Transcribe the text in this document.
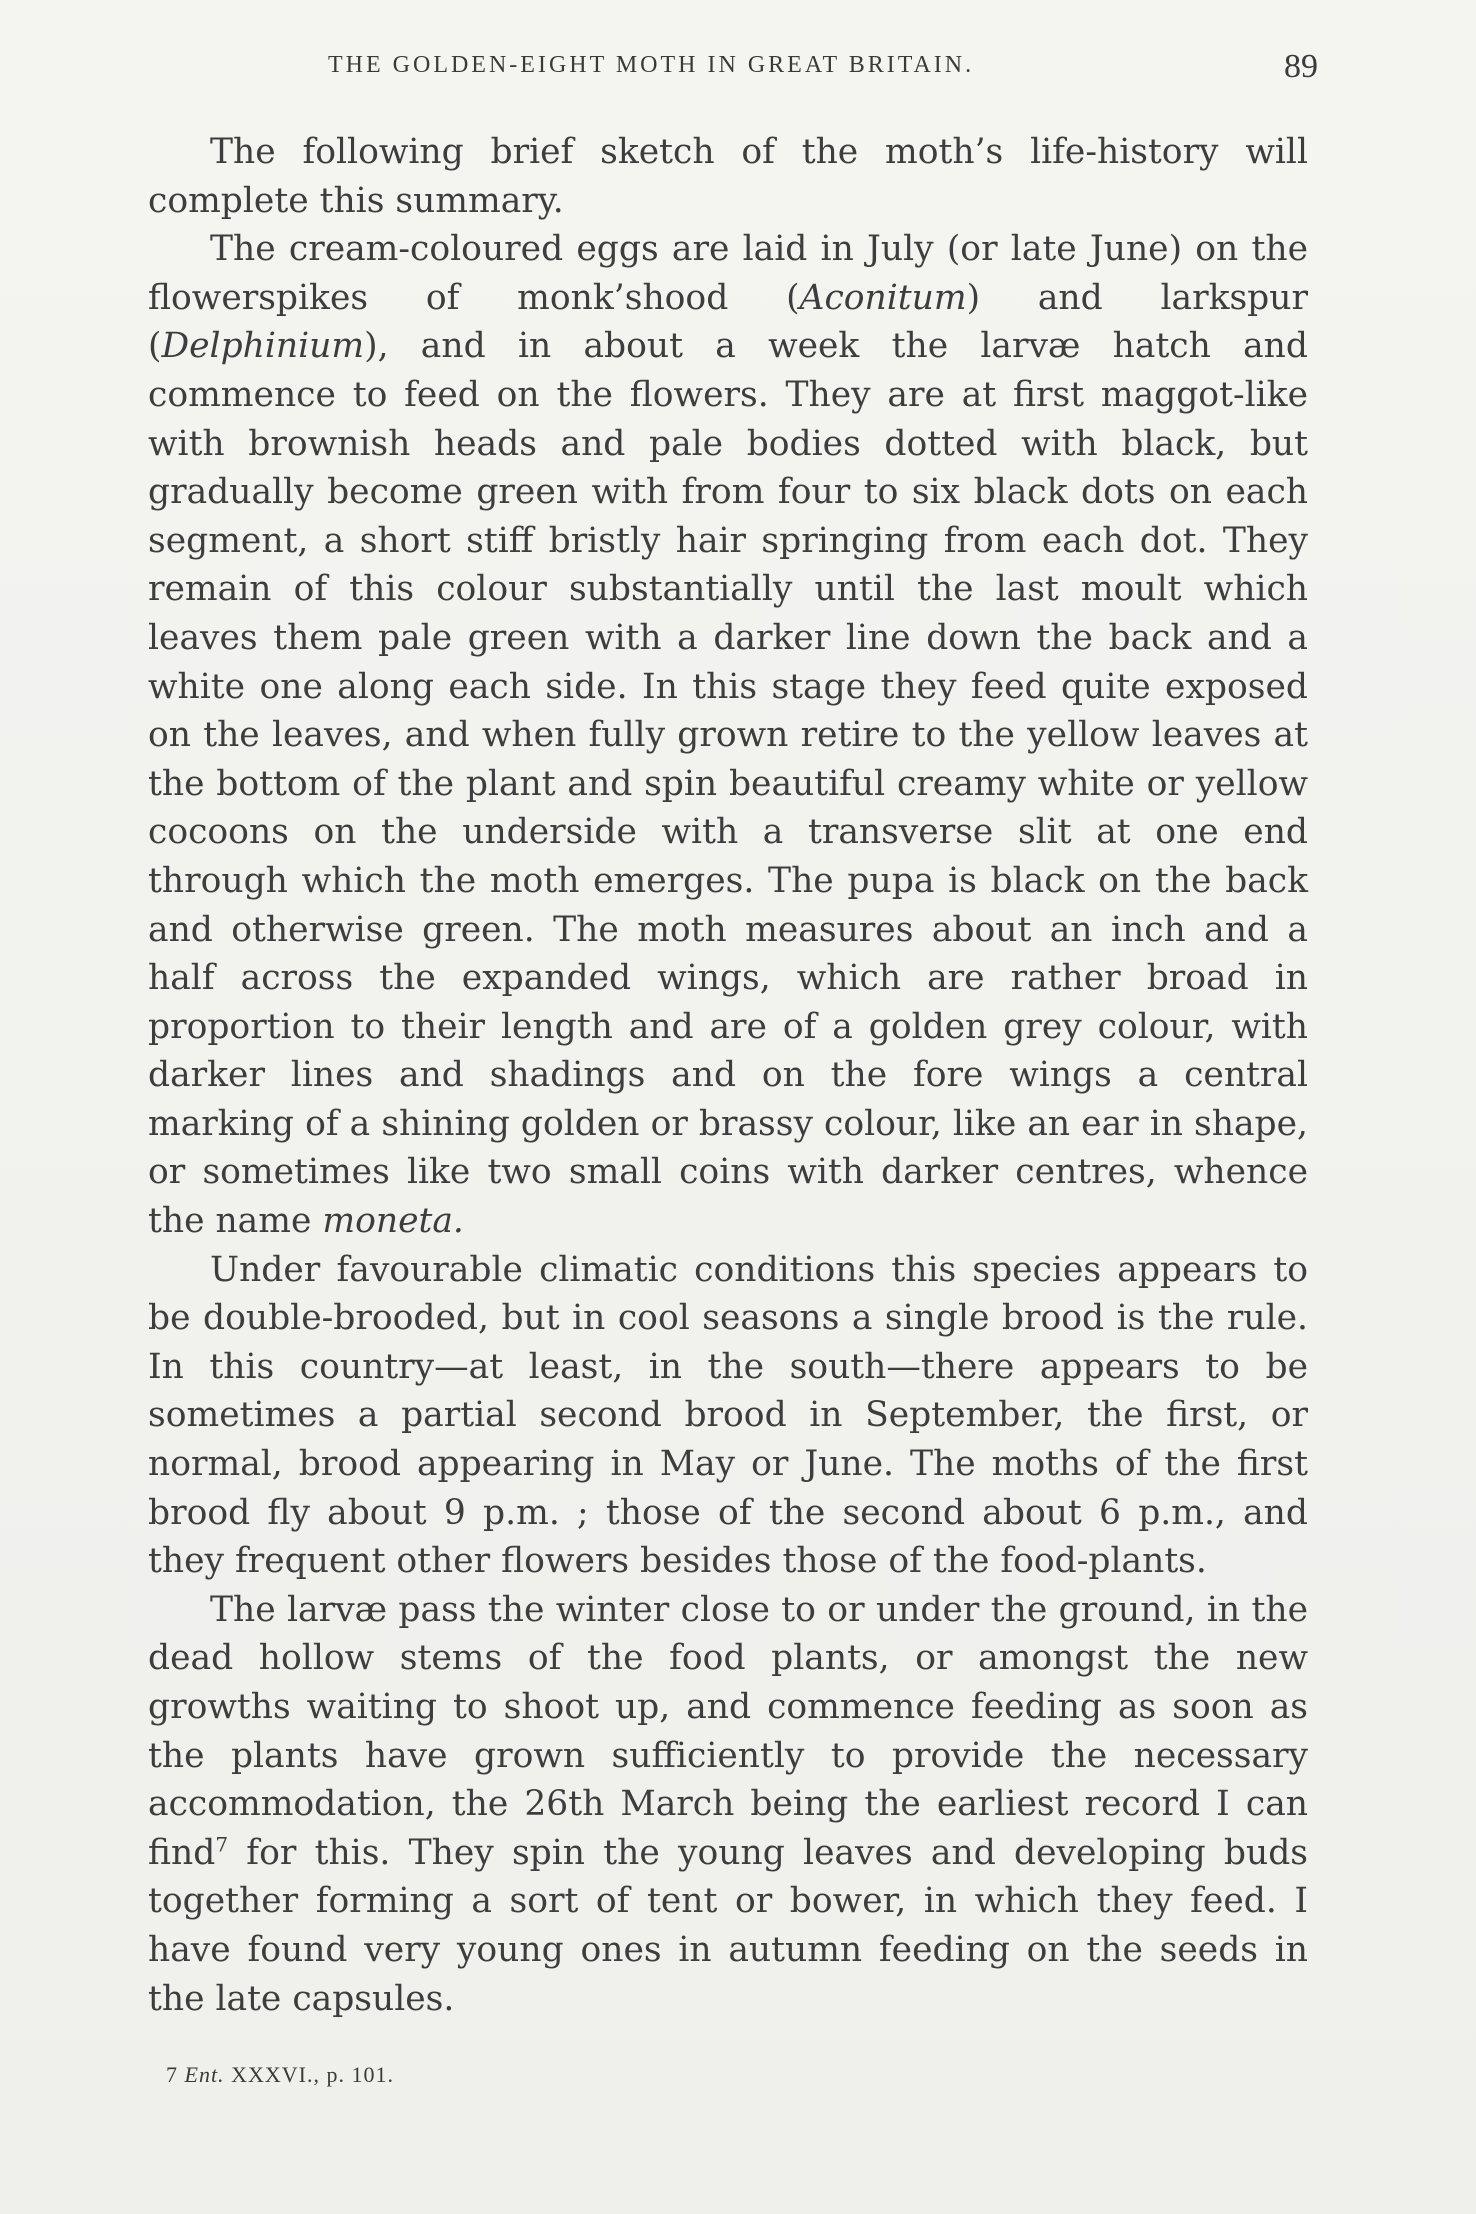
THE GOLDEN-EIGHT MOTH IN GREAT BRITAIN.	89

The following brief sketch of the moth’s life-history will complete this summary.

The cream-coloured eggs are laid in July (or late June) on the flowerspikes of monk’shood (Aconitum) and larkspur (Delphinium), and in about a week the larvæ hatch and commence to feed on the flowers. They are at first maggot-like with brownish heads and pale bodies dotted with black, but gradually become green with from four to six black dots on each segment, a short stiff bristly hair springing from each dot. They remain of this colour substantially until the last moult which leaves them pale green with a darker line down the back and a white one along each side. In this stage they feed quite exposed on the leaves, and when fully grown retire to the yellow leaves at the bottom of the plant and spin beautiful creamy white or yellow cocoons on the underside with a transverse slit at one end through which the moth emerges. The pupa is black on the back and otherwise green. The moth measures about an inch and a half across the expanded wings, which are rather broad in proportion to their length and are of a golden grey colour, with darker lines and shadings and on the fore wings a central marking of a shining golden or brassy colour, like an ear in shape, or sometimes like two small coins with darker centres, whence the name moneta.

Under favourable climatic conditions this species appears to be double-brooded, but in cool seasons a single brood is the rule. In this country—at least, in the south—there appears to be sometimes a partial second brood in September, the first, or normal, brood appearing in May or June. The moths of the first brood fly about 9 p.m. ; those of the second about 6 p.m., and they frequent other flowers besides those of the food-plants.

The larvæ pass the winter close to or under the ground, in the dead hollow stems of the food plants, or amongst the new growths waiting to shoot up, and commence feeding as soon as the plants have grown sufficiently to provide the necessary accommodation, the 26th March being the earliest record I can find$^7$ for this. They spin the young leaves and developing buds together forming a sort of tent or bower, in which they feed. I have found very young ones in autumn feeding on the seeds in the late capsules.

7 Ent. XXXVI., p. 101.
